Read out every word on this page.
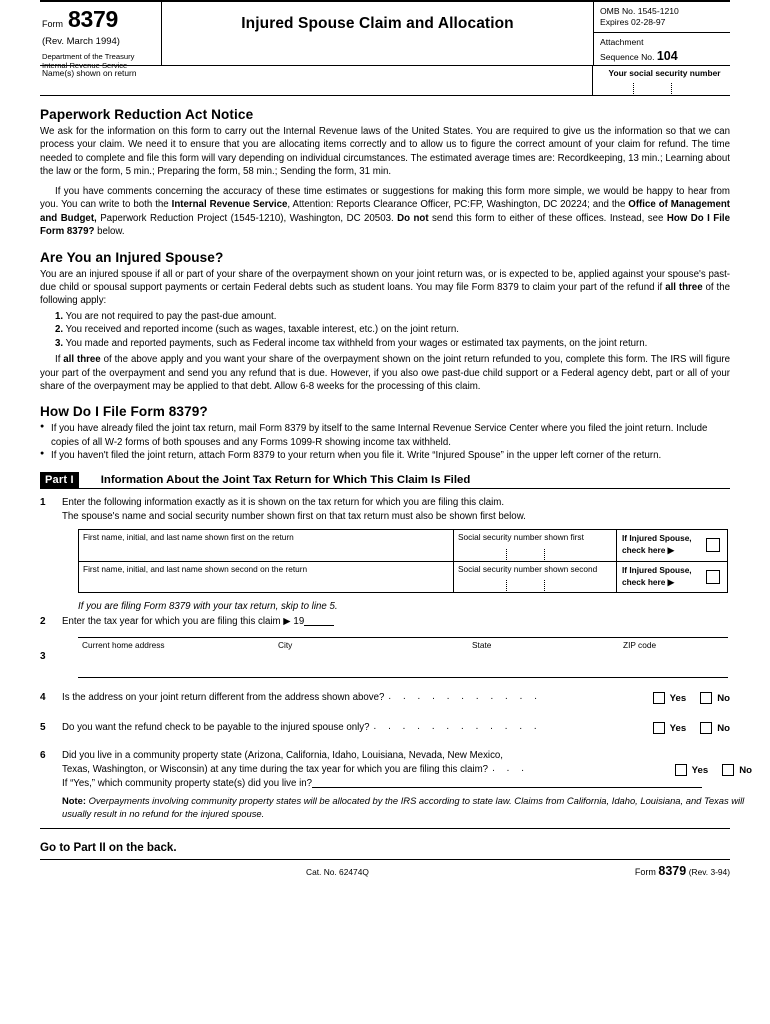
Form 8379
(Rev. March 1994)
Department of the Treasury
Internal Revenue Service
Injured Spouse Claim and Allocation
OMB No. 1545-1210
Expires 02-28-97
Attachment
Sequence No. 104
Name(s) shown on return	Your social security number
Paperwork Reduction Act Notice

We ask for the information on this form to carry out the Internal Revenue laws of the United States. You are required to give us the information so that we can process your claim. We need it to ensure that you are allocating items correctly and to allow us to figure the correct amount of your claim for refund. The time needed to complete and file this form will vary depending on individual circumstances. The estimated average times are: Recordkeeping, 13 min.; Learning about the law or the form, 5 min.; Preparing the form, 58 min.; Sending the form, 31 min.

If you have comments concerning the accuracy of these time estimates or suggestions for making this form more simple, we would be happy to hear from you. You can write to both the Internal Revenue Service, Attention: Reports Clearance Officer, PC:FP, Washington, DC 20224; and the Office of Management and Budget, Paperwork Reduction Project (1545-1210), Washington, DC 20503. Do not send this form to either of these offices. Instead, see How Do I File Form 8379? below.

Are You an Injured Spouse?

You are an injured spouse if all or part of your share of the overpayment shown on your joint return was, or is expected to be, applied against your spouse's past-due child or spousal support payments or certain Federal debts such as student loans. You may file Form 8379 to claim your part of the refund if all three of the following apply:

1. You are not required to pay the past-due amount.
2. You received and reported income (such as wages, taxable interest, etc.) on the joint return.
3. You made and reported payments, such as Federal income tax withheld from your wages or estimated tax payments, on the joint return.

If all three of the above apply and you want your share of the overpayment shown on the joint return refunded to you, complete this form. The IRS will figure your part of the overpayment and send you any refund that is due. However, if you also owe past-due child support or a Federal agency debt, part or all of your share of the overpayment may be applied to that debt. Allow 6-8 weeks for the processing of this claim.

How Do I File Form 8379?
● If you have already filed the joint tax return, mail Form 8379 by itself to the same Internal Revenue Service Center where you filed the joint return. Include copies of all W-2 forms of both spouses and any Forms 1099-R showing income tax withheld.
● If you haven't filed the joint return, attach Form 8379 to your return when you file it. Write “Injured Spouse” in the upper left corner of the return.
Part I	Information About the Joint Tax Return for Which This Claim Is Filed
1	Enter the following information exactly as it is shown on the tax return for which you are filing this claim.
The spouse's name and social security number shown first on that tax return must also be shown first below.
First name, initial, and last name shown first on the return	Social security number shown first	If Injured Spouse,
check here ▶
First name, initial, and last name shown second on the return	Social security number shown second	If Injured Spouse,
check here ▶
If you are filing Form 8379 with your tax return, skip to line 5.
2	Enter the tax year for which you are filing this claim ▶ 19
3
Current home address	City	State	ZIP code
4	Is the address on your joint return different from the address shown above? . . . . . . . . . . .	Yes	No
5	Do you want the refund check to be payable to the injured spouse only? . . . . . . . . . . . .	Yes	No
6	Did you live in a community property state (Arizona, California, Idaho, Louisiana, Nevada, New Mexico,
Texas, Washington, or Wisconsin) at any time during the tax year for which you are filing this claim? . . .	Yes	No
If “Yes,” which community property state(s) did you live in?
Note: Overpayments involving community property states will be allocated by the IRS according to state law. Claims from California, Idaho, Louisiana, and Texas will usually result in no refund for the injured spouse.
Go to Part II on the back.
Cat. No. 62474Q	Form 8379 (Rev. 3-94)
